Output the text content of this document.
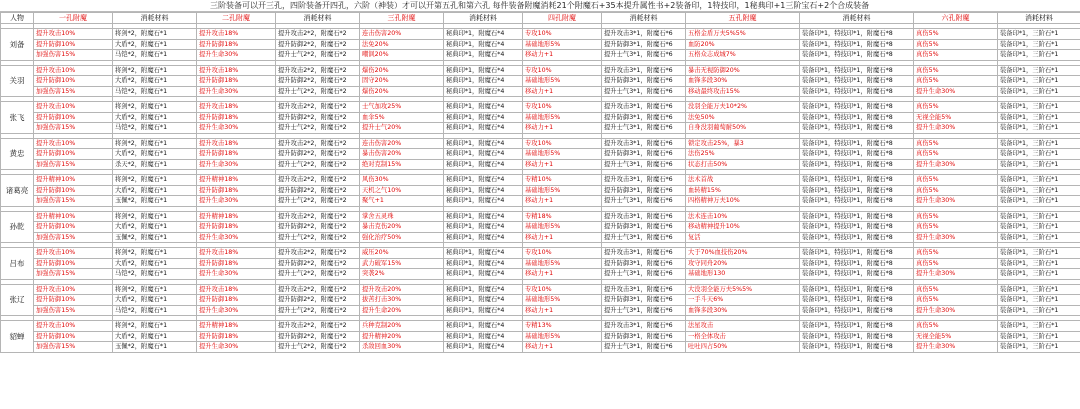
三阶装备可以开三孔，四阶装备开四孔，六阶（神装）才可以开第五孔和第六孔 每件装备附魔消耗21个附魔石+35本提升属性书+2装备印，1特技印，1秘典印+1三阶宝石+2个合成装备
人物	一孔附魔	消耗材料	二孔附魔	消耗材料	三孔附魔	消耗材料	四孔附魔	消耗材料	五孔附魔	消耗材料	六孔附魔	消耗材料

刘备	提升攻击10%	将剑*2，附魔石*1	提升攻击18%	提升攻击2*2，附魔石*2	连击伤害20%	秘典印*1，附魔石*4	专攻10%	提升攻击3*1，附魔石*6	五格金盾万夫5%5%	装备印*1，特技印*1，附魔石*8	真伤5%	装备印*1，三阶石*1
	提升防御10%	大盾*2，附魔石*1	提升防御18%	提升防御2*2，附魔石*2	法免20%	秘典印*1，附魔石*4	基础地形5%	提升防御3*1，附魔石*6	血防20%	装备印*1，特技印*1，附魔石*8	真伤5%	装备印*1，三阶石*1
	加强伤害15%	马铠*2，附魔石*1	提升生命30%	提升士气2*2，附魔石*2	嘲讽20%	秘典印*1，附魔石*4	移动力+1	提升士气3*1，附魔石*6	五格众志成城7%	装备印*1，特技印*1，附魔石*8	真伤5%	装备印*1，三阶石*1

关羽	提升攻击10%	将剑*2，附魔石*1	提升攻击18%	提升攻击2*2，附魔石*2	爆伤20%	秘典印*1，附魔石*4	专攻10%	提升攻击3*1，附魔石*6	暴击无视防御20%	装备印*1，特技印*1，附魔石*8	真伤5%	装备印*1，三阶石*1
	提升防御10%	大盾*2，附魔石*1	提升防御18%	提升防御2*2，附魔石*2	固守20%	秘典印*1，附魔石*4	基础地形5%	提升防御3*1，附魔石*6	血锋多段30%	装备印*1，特技印*1，附魔石*8	真伤5%	装备印*1，三阶石*1
	加强伤害15%	马铠*2，附魔石*1	提升生命30%	提升士气2*2，附魔石*2	爆伤20%	秘典印*1，附魔石*4	移动力+1	提升士气3*1，附魔石*6	移动最终攻击15%	装备印*1，特技印*1，附魔石*8	提升生命30%	装备印*1，三阶石*1

张飞	提升攻击10%	将剑*2，附魔石*1	提升攻击18%	提升攻击2*2，附魔石*2	士气加攻25%	秘典印*1，附魔石*4	专攻10%	提升攻击3*1，附魔石*6	没羽全能万夫10*2%	装备印*1，特技印*1，附魔石*8	真伤5%	装备印*1，三阶石*1
	提升防御10%	大盾*2，附魔石*1	提升防御18%	提升防御2*2，附魔石*2	血伞5%	秘典印*1，附魔石*4	基础地形5%	提升防御3*1，附魔石*6	法免50%	装备印*1，特技印*1，附魔石*8	无视全能5%	装备印*1，三阶石*1
	加强伤害15%	马铠*2，附魔石*1	提升生命30%	提升士气2*2，附魔石*2	提升士气20%	秘典印*1，附魔石*4	移动力+1	提升士气3*1，附魔石*6	自身没羽葡萄耐50%	装备印*1，特技印*1，附魔石*8	提升生命30%	装备印*1，三阶石*1

黄忠	提升攻击10%	将剑*2，附魔石*1	提升攻击18%	提升攻击2*2，附魔石*2	连击伤害20%	秘典印*1，附魔石*4	专攻10%	提升攻击3*1，附魔石*6	锁定攻击25%，暴3	装备印*1，特技印*1，附魔石*8	真伤5%	装备印*1，三阶石*1
	提升防御10%	大盾*2，附魔石*1	提升防御18%	提升防御2*2，附魔石*2	暴击伤害20%	秘典印*1，附魔石*4	基础地形5%	提升防御3*1，附魔石*6	法伤25%	装备印*1，特技印*1，附魔石*8	真伤5%	装备印*1，三阶石*1
	加强伤害15%	杀天*2，附魔石*1	提升生命30%	提升士气2*2，附魔石*2	绝对克制15%	秘典印*1，附魔石*4	移动力+1	提升士气3*1，附魔石*6	状态打击50%	装备印*1，特技印*1，附魔石*8	提升生命30%	装备印*1，三阶石*1

诸葛亮	提升精神10%	将剑*2，附魔石*1	提升精神18%	提升攻击2*2，附魔石*2	风伤30%	秘典印*1，附魔石*4	专精10%	提升攻击3*1，附魔石*6	法术首战	装备印*1，特技印*1，附魔石*8	真伤5%	装备印*1，三阶石*1
	提升防御10%	大盾*2，附魔石*1	提升防御18%	提升防御2*2，附魔石*2	天机之气10%	秘典印*1，附魔石*4	基础地形5%	提升防御3*1，附魔石*6	血转精15%	装备印*1，特技印*1，附魔石*8	真伤5%	装备印*1，三阶石*1
	加强伤害15%	玉佩*2，附魔石*1	提升生命30%	提升士气2*2，附魔石*2	聚气+1	秘典印*1，附魔石*4	移动力+1	提升士气3*1，附魔石*6	四格精神万夫10%	装备印*1，特技印*1，附魔石*8	提升生命30%	装备印*1，三阶石*1

孙乾	提升精神10%	将剑*2，附魔石*1	提升精神18%	提升攻击2*2，附魔石*2	掌舍五灵珠	秘典印*1，附魔石*4	专精18%	提升攻击3*1，附魔石*6	法术连击10%	装备印*1，特技印*1，附魔石*8	真伤5%	装备印*1，三阶石*1
	提升防御10%	大盾*2，附魔石*1	提升防御18%	提升防御2*2，附魔石*2	暴击克伤20%	秘典印*1，附魔石*4	基础地形5%	提升防御3*1，附魔石*6	移动精神提升10%	装备印*1，特技印*1，附魔石*8	真伤5%	装备印*1，三阶石*1
	加强伤害15%	玉佩*2，附魔石*1	提升生命30%	提升士气2*2，附魔石*2	强化治疗50%	秘典印*1，附魔石*4	移动力+1	提升士气3*1，附魔石*6	复活	装备印*1，特技印*1，附魔石*8	提升生命30%	装备印*1，三阶石*1

吕布	提升攻击10%	将剑*2，附魔石*1	提升攻击18%	提升攻击2*2，附魔石*2	威压20%	秘典印*1，附魔石*4	专攻10%	提升攻击3*1，附魔石*6	大于70%血技伤20%	装备印*1，特技印*1，附魔石*8	真伤5%	装备印*1，三阶石*1
	提升防御10%	大盾*2，附魔石*1	提升防御18%	提升防御2*2，附魔石*2	武力破军15%	秘典印*1，附魔石*4	基础地形5%	提升防御3*1，附魔石*6	攻守同舟20%	装备印*1，特技印*1，附魔石*8	真伤5%	装备印*1，三阶石*1
	加强伤害15%	马铠*2，附魔石*1	提升生命30%	提升士气2*2，附魔石*2	突袭2%	秘典印*1，附魔石*4	移动力+1	提升士气3*1，附魔石*6	基础地形130	装备印*1，特技印*1，附魔石*8	提升生命30%	装备印*1，三阶石*1

张辽	提升攻击10%	将剑*2，附魔石*1	提升攻击18%	提升攻击2*2，附魔石*2	提升攻击20%	秘典印*1，附魔石*4	专攻10%	提升攻击3*1，附魔石*6	大没羽全能万夫5%5%	装备印*1，特技印*1，附魔石*8	真伤5%	装备印*1，三阶石*1
	提升防御10%	大盾*2，附魔石*1	提升防御18%	提升防御2*2，附魔石*2	拔苦打击30%	秘典印*1，附魔石*4	基础地形5%	提升防御3*1，附魔石*6	一手斗天6%	装备印*1，特技印*1，附魔石*8	真伤5%	装备印*1，三阶石*1
	加强伤害15%	马铠*2，附魔石*1	提升生命30%	提升士气2*2，附魔石*2	提升生命20%	秘典印*1，附魔石*4	移动力+1	提升士气3*1，附魔石*6	血锋多段30%	装备印*1，特技印*1，附魔石*8	提升生命30%	装备印*1，三阶石*1

貂蝉	提升攻击10%	将剑*2，附魔石*1	提升精神18%	提升攻击2*2，附魔石*2	兵种克制20%	秘典印*1，附魔石*4	专精13%	提升攻击3*1，附魔石*6	法星攻击	装备印*1，特技印*1，附魔石*8	真伤5%	装备印*1，三阶石*1
	提升防御10%	大盾*2，附魔石*1	提升防御18%	提升防御2*2，附魔石*2	提升精神20%	秘典印*1，附魔石*4	基础地形5%	提升防御3*1，附魔石*6	一格全体攻击	装备印*1，特技印*1，附魔石*8	无视全能5%	装备印*1，三阶石*1
	加强伤害15%	玉佩*2，附魔石*1	提升生命30%	提升士气2*2，附魔石*2	杀敌回血30%	秘典印*1，附魔石*4	移动力+1	提升士气3*1，附魔石*6	吐吐四占50%	装备印*1，特技印*1，附魔石*8	提升生命30%	装备印*1，三阶石*1
